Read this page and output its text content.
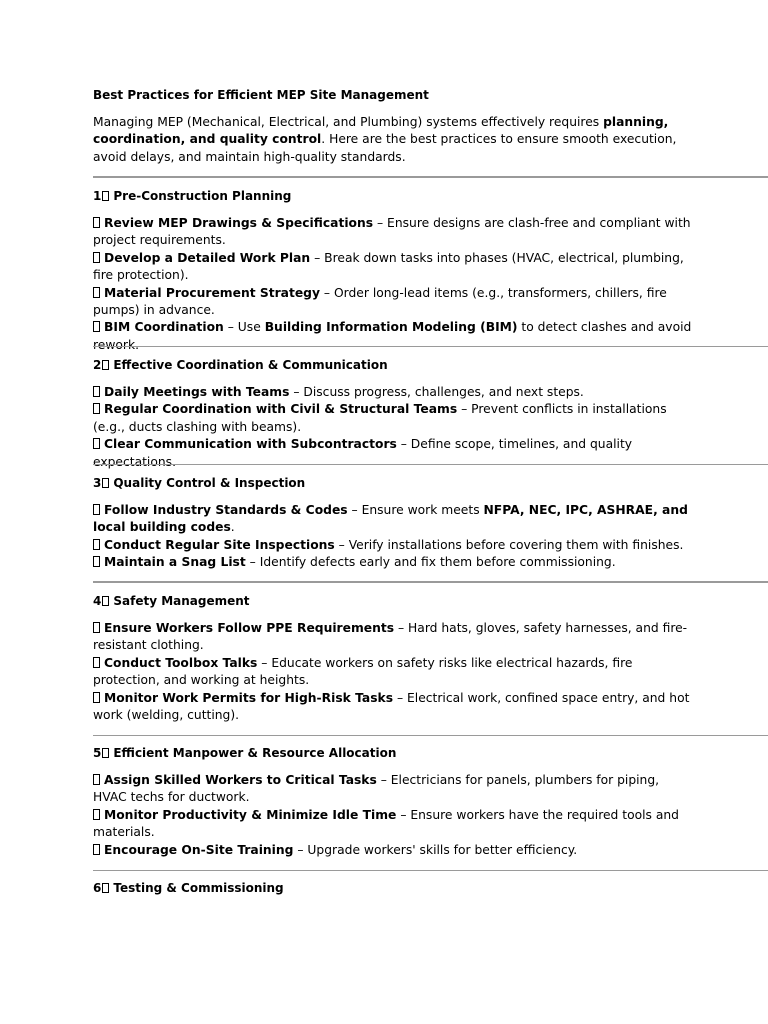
Best Practices for Efficient MEP Site Management

Managing MEP (Mechanical, Electrical, and Plumbing) systems effectively requires planning, coordination, and quality control. Here are the best practices to ensure smooth execution, avoid delays, and maintain high-quality standards.

1 Pre-Construction Planning

Review MEP Drawings & Specifications – Ensure designs are clash-free and compliant with project requirements.

Develop a Detailed Work Plan – Break down tasks into phases (HVAC, electrical, plumbing, fire protection).

Material Procurement Strategy – Order long-lead items (e.g., transformers, chillers, fire pumps) in advance.

BIM Coordination – Use Building Information Modeling (BIM) to detect clashes and avoid rework.

2 Effective Coordination & Communication

Daily Meetings with Teams – Discuss progress, challenges, and next steps.

Regular Coordination with Civil & Structural Teams – Prevent conflicts in installations (e.g., ducts clashing with beams).

Clear Communication with Subcontractors – Define scope, timelines, and quality expectations.

3 Quality Control & Inspection

Follow Industry Standards & Codes – Ensure work meets NFPA, NEC, IPC, ASHRAE, and local building codes.

Conduct Regular Site Inspections – Verify installations before covering them with finishes.

Maintain a Snag List – Identify defects early and fix them before commissioning.

4 Safety Management

Ensure Workers Follow PPE Requirements – Hard hats, gloves, safety harnesses, and fire-resistant clothing.

Conduct Toolbox Talks – Educate workers on safety risks like electrical hazards, fire protection, and working at heights.

Monitor Work Permits for High-Risk Tasks – Electrical work, confined space entry, and hot work (welding, cutting).

5 Efficient Manpower & Resource Allocation

Assign Skilled Workers to Critical Tasks – Electricians for panels, plumbers for piping, HVAC techs for ductwork.

Monitor Productivity & Minimize Idle Time – Ensure workers have the required tools and materials.

Encourage On-Site Training – Upgrade workers' skills for better efficiency.

6 Testing & Commissioning
